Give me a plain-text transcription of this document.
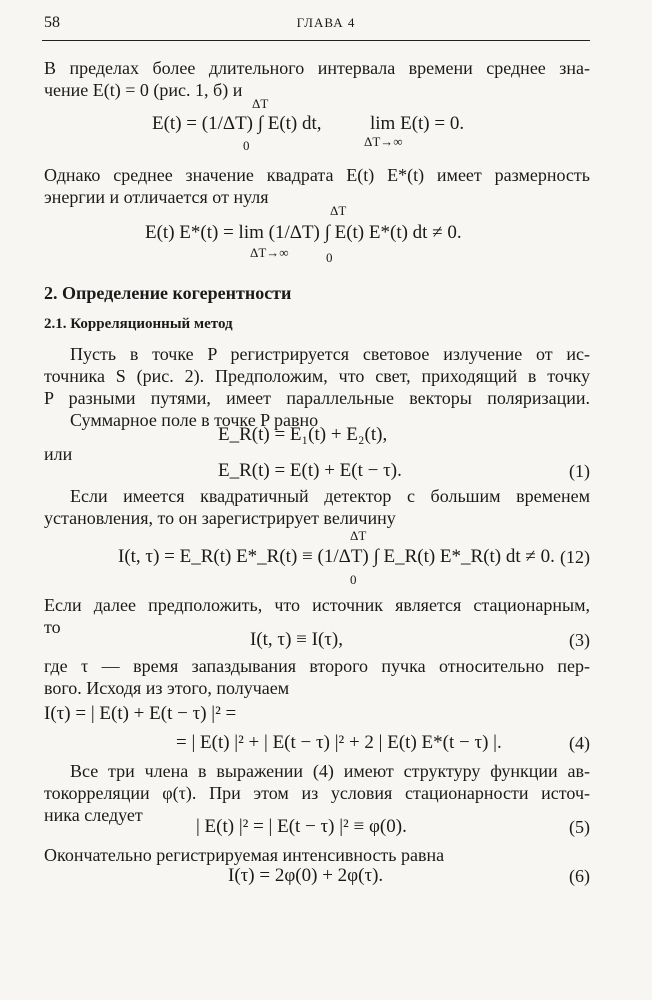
58	ГЛАВА 4
В пределах более длительного интервала времени среднее зна-
чение E(t) = 0 (рис. 1, б) и
ΔT
E(t) = (1/ΔT) ∫ E(t) dt,	lim E(t) = 0.
0	ΔT→∞
Однако среднее значение квадрата E(t) E*(t) имеет размерность
энергии и отличается от нуля
ΔT
E(t) E*(t) = lim (1/ΔT) ∫ E(t) E*(t) dt ≠ 0.
ΔT→∞	0
2. Определение когерентности
2.1. Корреляционный метод
Пусть в точке P регистрируется световое излучение от ис-
точника S (рис. 2). Предположим, что свет, приходящий в точку
P разными путями, имеет параллельные векторы поляризации.
Суммарное поле в точке P равно
E_R(t) = E₁(t) + E₂(t),
или
E_R(t) = E(t) + E(t − τ).	(1)
Если имеется квадратичный детектор с большим временем
установления, то он зарегистрирует величину
ΔT
I(t, τ) = E_R(t) E*_R(t) ≡ (1/ΔT) ∫ E_R(t) E*_R(t) dt ≠ 0. (12)
0
Если далее предположить, что источник является стационарным,
то
I(t, τ) ≡ I(τ),	(3)
где τ — время запаздывания второго пучка относительно пер-
вого. Исходя из этого, получаем
I(τ) = | E(t) + E(t − τ) |² =
= | E(t) |² + | E(t − τ) |² + 2 | E(t) E*(t − τ) |.	(4)
Все три члена в выражении (4) имеют структуру функции ав-
токорреляции φ(τ). При этом из условия стационарности источ-
ника следует
| E(t) |² = | E(t − τ) |² ≡ φ(0).	(5)
Окончательно регистрируемая интенсивность равна
I(τ) = 2φ(0) + 2φ(τ).	(6)
